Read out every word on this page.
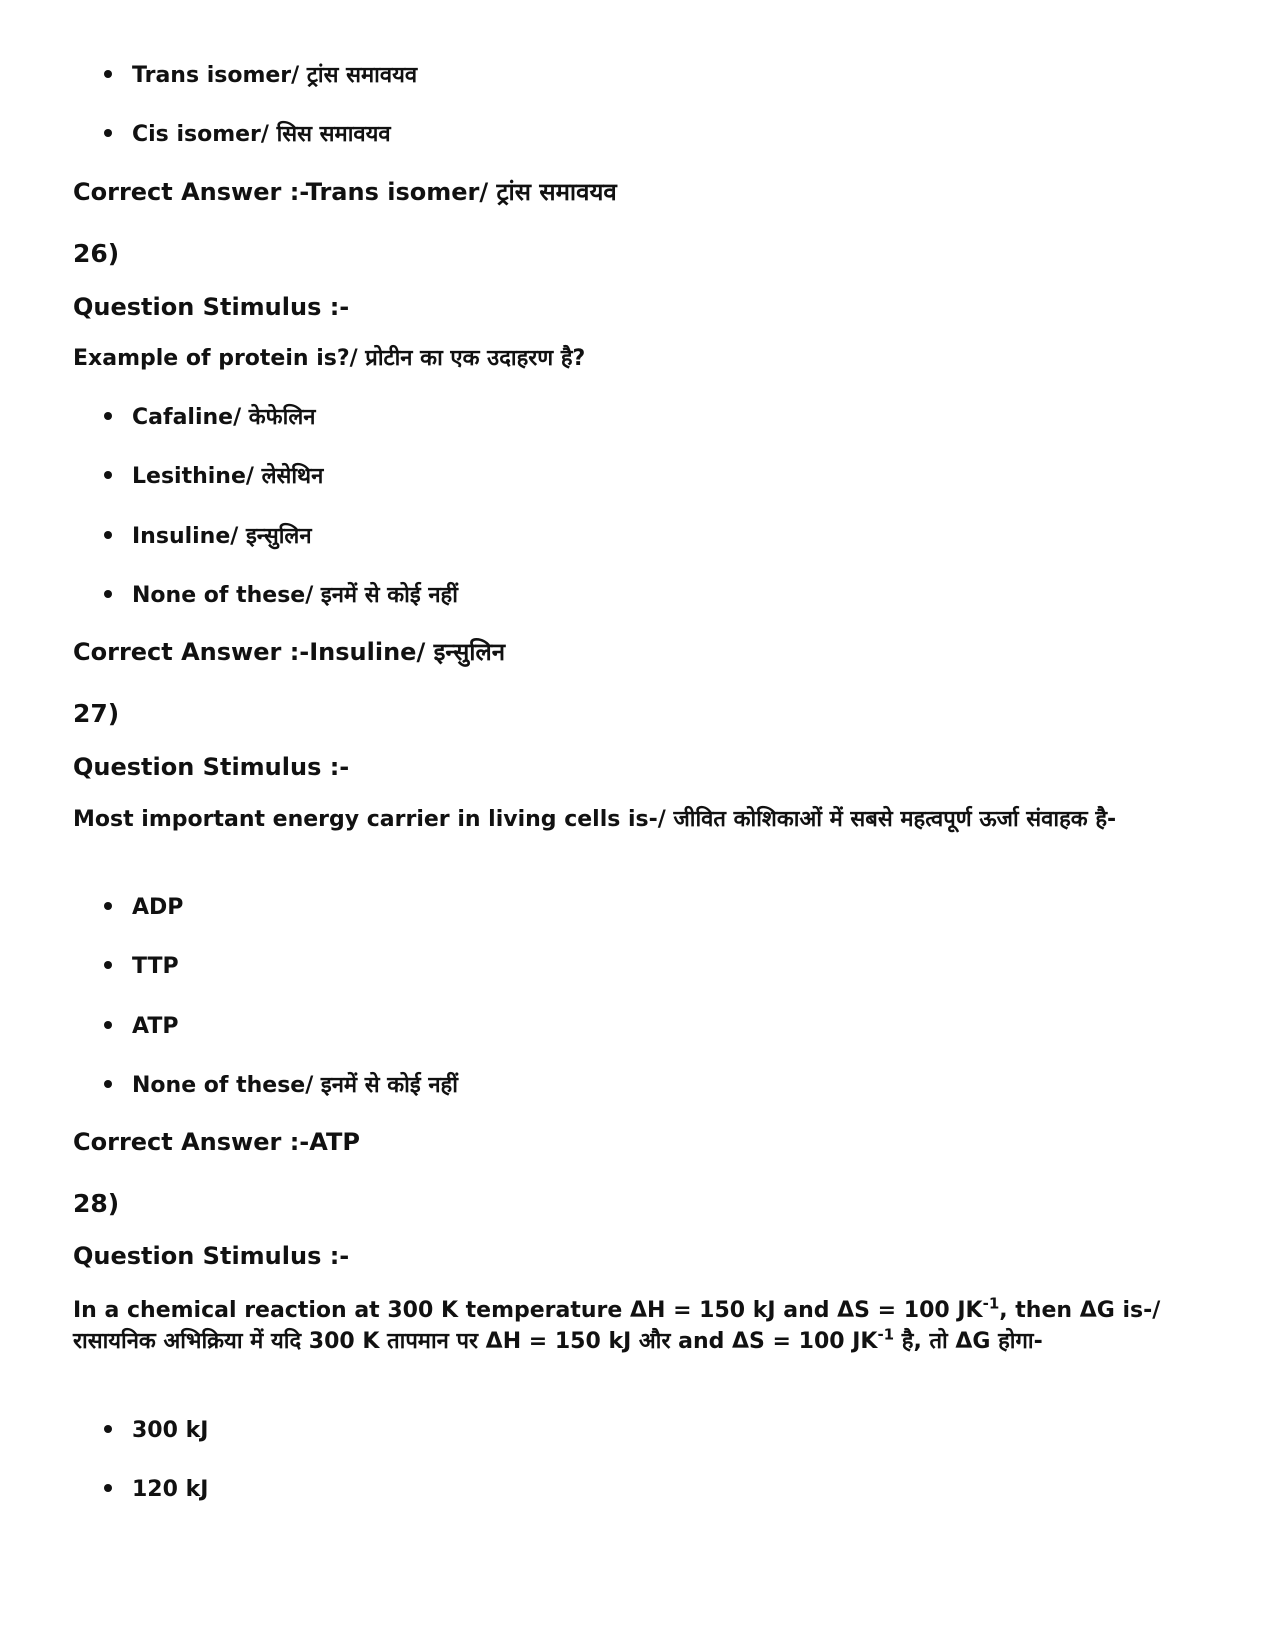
Trans isomer/ ट्रांस समावयव
Cis isomer/ सिस समावयव
Correct Answer :-Trans isomer/ ट्रांस समावयव
26)
Question Stimulus :-
Example of protein is?/ प्रोटीन का एक उदाहरण है?
Cafaline/ केफेलिन
Lesithine/ लेसेथिन
Insuline/ इन्सुलिन
None of these/ इनमें से कोई नहीं
Correct Answer :-Insuline/ इन्सुलिन
27)
Question Stimulus :-
Most important energy carrier in living cells is-/ जीवित कोशिकाओं में सबसे महत्वपूर्ण ऊर्जा संवाहक है-
ADP
TTP
ATP
None of these/ इनमें से कोई नहीं
Correct Answer :-ATP
28)
Question Stimulus :-
In a chemical reaction at 300 K temperature ΔH = 150 kJ and ΔS = 100 $JK^{-1}$, then ΔG is-/ रासायनिक अभिक्रिया में यदि 300 K तापमान पर ΔH = 150 kJ और and ΔS = 100 $JK^{-1}$ है, तो ΔG होगा-
300 kJ
120 kJ
